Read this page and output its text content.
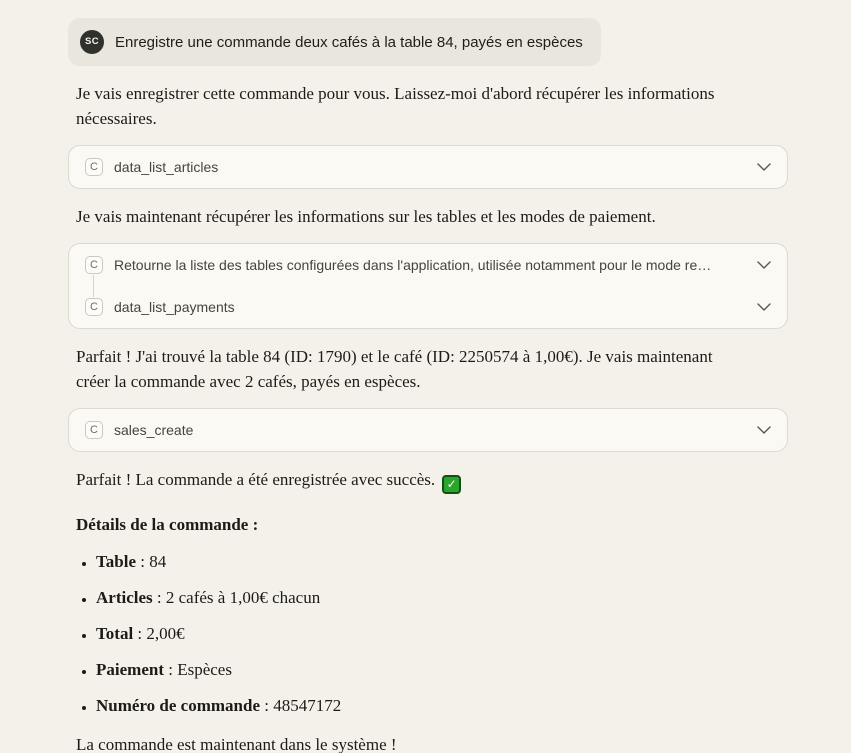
SC	Enregistre une commande deux cafés à la table 84, payés en espèces

Je vais enregistrer cette commande pour vous. Laissez-moi d'abord récupérer les informations nécessaires.

C	data_list_articles

Je vais maintenant récupérer les informations sur les tables et les modes de paiement.

C	Retourne la liste des tables configurées dans l'application, utilisée notamment pour le mode re…
C	data_list_payments

Parfait ! J'ai trouvé la table 84 (ID: 1790) et le café (ID: 2250574 à 1,00€). Je vais maintenant créer la commande avec 2 cafés, payés en espèces.

C	sales_create

Parfait ! La commande a été enregistrée avec succès. ✓

Détails de la commande :

• Table : 84
• Articles : 2 cafés à 1,00€ chacun
• Total : 2,00€
• Paiement : Espèces
• Numéro de commande : 48547172

La commande est maintenant dans le système !
